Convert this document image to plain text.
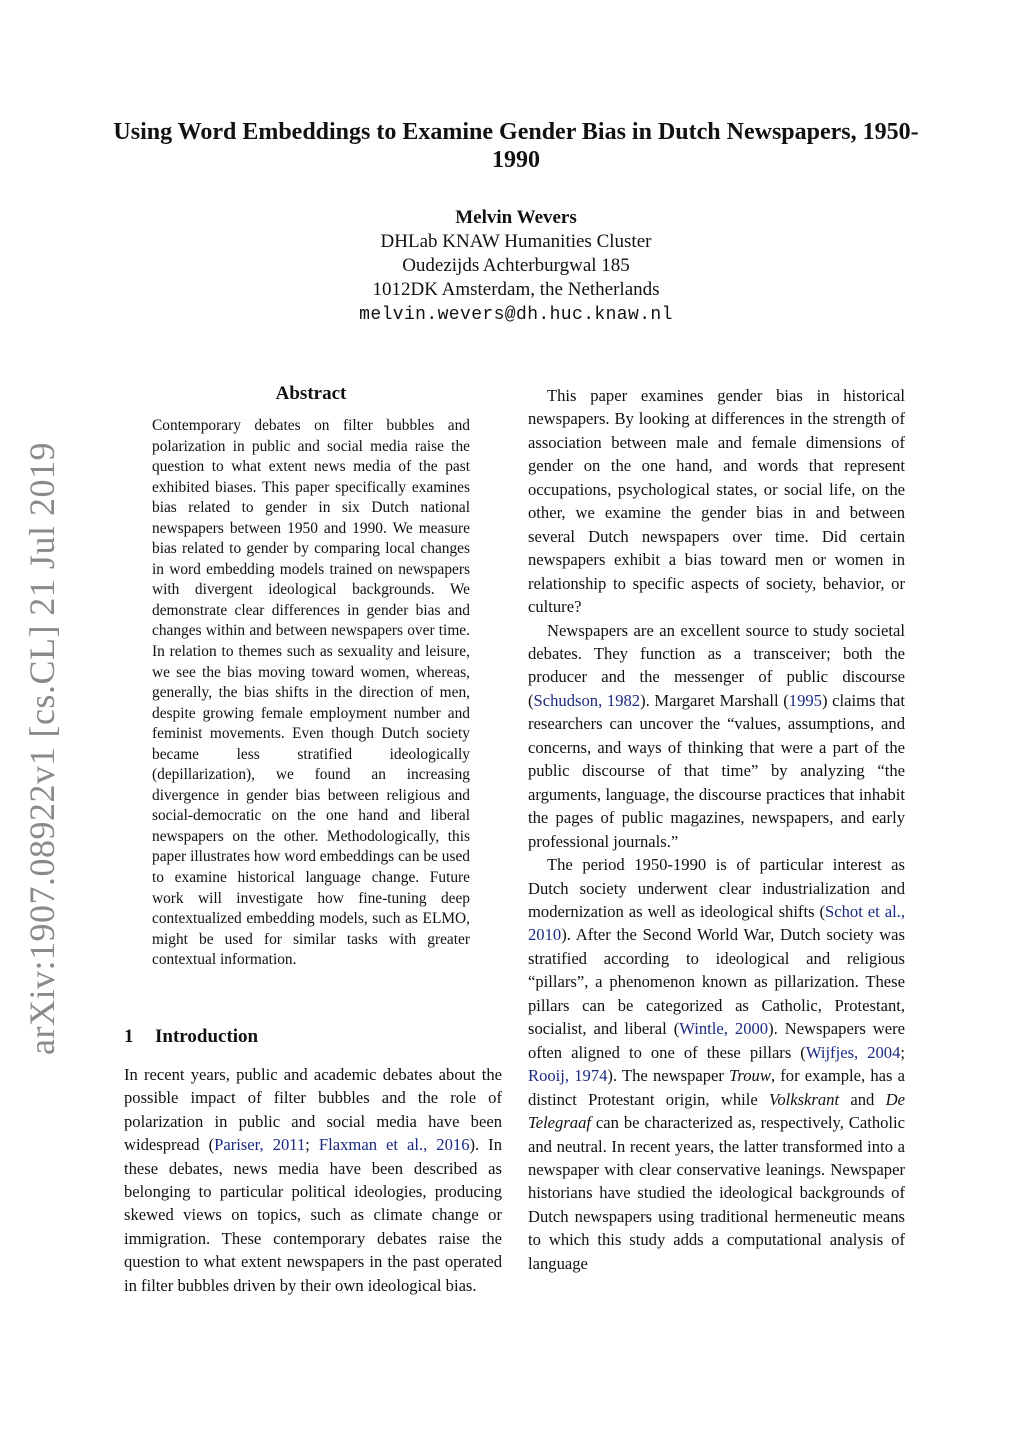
arXiv:1907.08922v1 [cs.CL] 21 Jul 2019
Using Word Embeddings to Examine Gender Bias in Dutch Newspapers, 1950-1990
Melvin Wevers
DHLab KNAW Humanities Cluster
Oudezijds Achterburgwal 185
1012DK Amsterdam, the Netherlands
melvin.wevers@dh.huc.knaw.nl
Abstract
Contemporary debates on filter bubbles and polarization in public and social media raise the question to what extent news media of the past exhibited biases. This paper specifically examines bias related to gender in six Dutch national newspapers between 1950 and 1990. We measure bias related to gender by comparing local changes in word embedding models trained on newspapers with divergent ideological backgrounds. We demonstrate clear differences in gender bias and changes within and between newspapers over time. In relation to themes such as sexuality and leisure, we see the bias moving toward women, whereas, generally, the bias shifts in the direction of men, despite growing female employment number and feminist movements. Even though Dutch society became less stratified ideologically (depillarization), we found an increasing divergence in gender bias between religious and social-democratic on the one hand and liberal newspapers on the other. Methodologically, this paper illustrates how word embeddings can be used to examine historical language change. Future work will investigate how fine-tuning deep contextualized embedding models, such as ELMO, might be used for similar tasks with greater contextual information.
1 Introduction
In recent years, public and academic debates about the possible impact of filter bubbles and the role of polarization in public and social media have been widespread (Pariser, 2011; Flaxman et al., 2016). In these debates, news media have been described as belonging to particular political ideologies, producing skewed views on topics, such as climate change or immigration. These contemporary debates raise the question to what extent newspapers in the past operated in filter bubbles driven by their own ideological bias.

This paper examines gender bias in historical newspapers. By looking at differences in the strength of association between male and female dimensions of gender on the one hand, and words that represent occupations, psychological states, or social life, on the other, we examine the gender bias in and between several Dutch newspapers over time. Did certain newspapers exhibit a bias toward men or women in relationship to specific aspects of society, behavior, or culture?

Newspapers are an excellent source to study societal debates. They function as a transceiver; both the producer and the messenger of public discourse (Schudson, 1982). Margaret Marshall (1995) claims that researchers can uncover the “values, assumptions, and concerns, and ways of thinking that were a part of the public discourse of that time” by analyzing “the arguments, language, the discourse practices that inhabit the pages of public magazines, newspapers, and early professional journals.”

The period 1950-1990 is of particular interest as Dutch society underwent clear industrialization and modernization as well as ideological shifts (Schot et al., 2010). After the Second World War, Dutch society was stratified according to ideological and religious “pillars”, a phenomenon known as pillarization. These pillars can be categorized as Catholic, Protestant, socialist, and liberal (Wintle, 2000). Newspapers were often aligned to one of these pillars (Wijfjes, 2004; Rooij, 1974). The newspaper Trouw, for example, has a distinct Protestant origin, while Volkskrant and De Telegraaf can be characterized as, respectively, Catholic and neutral. In recent years, the latter transformed into a newspaper with clear conservative leanings. Newspaper historians have studied the ideological backgrounds of Dutch newspapers using traditional hermeneutic means to which this study adds a computational analysis of language
